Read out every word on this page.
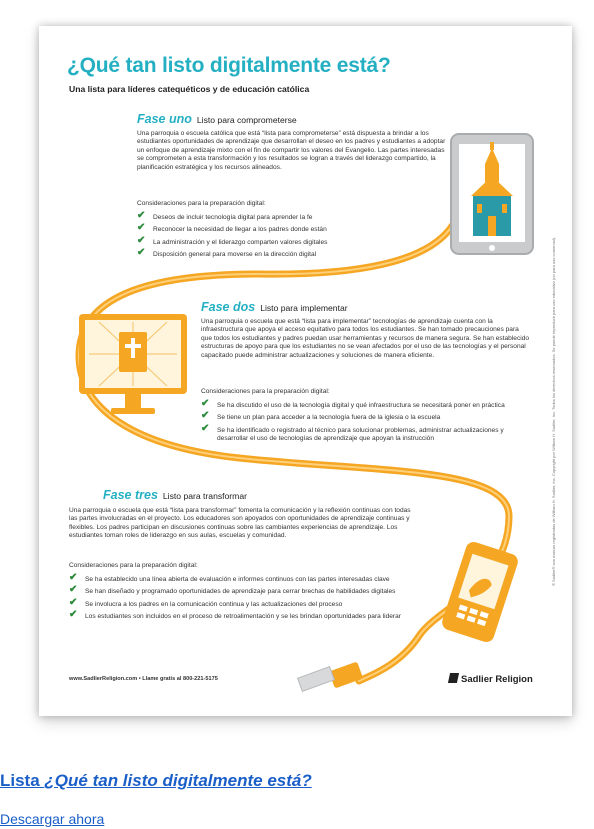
¿Qué tan listo digitalmente está?
Una lista para líderes catequéticos y de educación católica
Fase uno Listo para comprometerse
Una parroquia o escuela católica que está “lista para comprometerse” está dispuesta a brindar a los estudiantes oportunidades de aprendizaje que desarrollan el deseo en los padres y estudiantes a adoptar un enfoque de aprendizaje mixto con el fin de compartir los valores del Evangelio. Las partes interesadas se comprometen a esta transformación y los resultados se logran a través del liderazgo compartido, la planificación estratégica y los recursos alineados.
Consideraciones para la preparación digital:
✔ Deseos de incluir tecnología digital para aprender la fe
✔ Reconocer la necesidad de llegar a los padres donde están
✔ La administración y el liderazgo comparten valores digitales
✔ Disposición general para moverse en la dirección digital
Fase dos Listo para implementar
Una parroquia o escuela que está “lista para implementar” tecnologías de aprendizaje cuenta con la infraestructura que apoya el acceso equitativo para todos los estudiantes. Se han tomado precauciones para que todos los estudiantes y padres puedan usar herramientas y recursos de manera segura. Se han establecido estructuras de apoyo para que los estudiantes no se vean afectados por el uso de las tecnologías y el personal capacitado puede administrar actualizaciones y soluciones de manera eficiente.
Consideraciones para la preparación digital:
✔ Se ha discutido el uso de la tecnología digital y qué infraestructura se necesitará poner en práctica
✔ Se tiene un plan para acceder a la tecnología fuera de la iglesia o la escuela
✔ Se ha identificado o registrado al técnico para solucionar problemas, administrar actualizaciones y desarrollar el uso de tecnologías de aprendizaje que apoyan la instrucción
Fase tres Listo para transformar
Una parroquia o escuela que está “lista para transformar” fomenta la comunicación y la reflexión continuas con todas las partes involucradas en el proyecto. Los educadores son apoyados con oportunidades de aprendizaje continuas y flexibles. Los padres participan en discusiones continuas sobre las cambiantes experiencias de aprendizaje. Los estudiantes toman roles de liderazgo en sus aulas, escuelas y comunidad.
Consideraciones para la preparación digital:
✔ Se ha establecido una línea abierta de evaluación e informes continuos con las partes interesadas clave
✔ Se han diseñado y programado oportunidades de aprendizaje para cerrar brechas de habilidades digitales
✔ Se involucra a los padres en la comunicación continua y las actualizaciones del proceso
✔ Los estudiantes son incluidos en el proceso de retroalimentación y se les brindan oportunidades para liderar
www.SadlierReligion.com • Llame gratis al 800-221-5175	Sadlier Religion
® Sadlier® son marcas registradas de William H. Sadlier, Inc. Copyright por William H. Sadlier, Inc. Todos los derechos reservados. Se puede reproducir para uso educativo (no para uso comercial).
Lista ¿Qué tan listo digitalmente está?
Descargar ahora
